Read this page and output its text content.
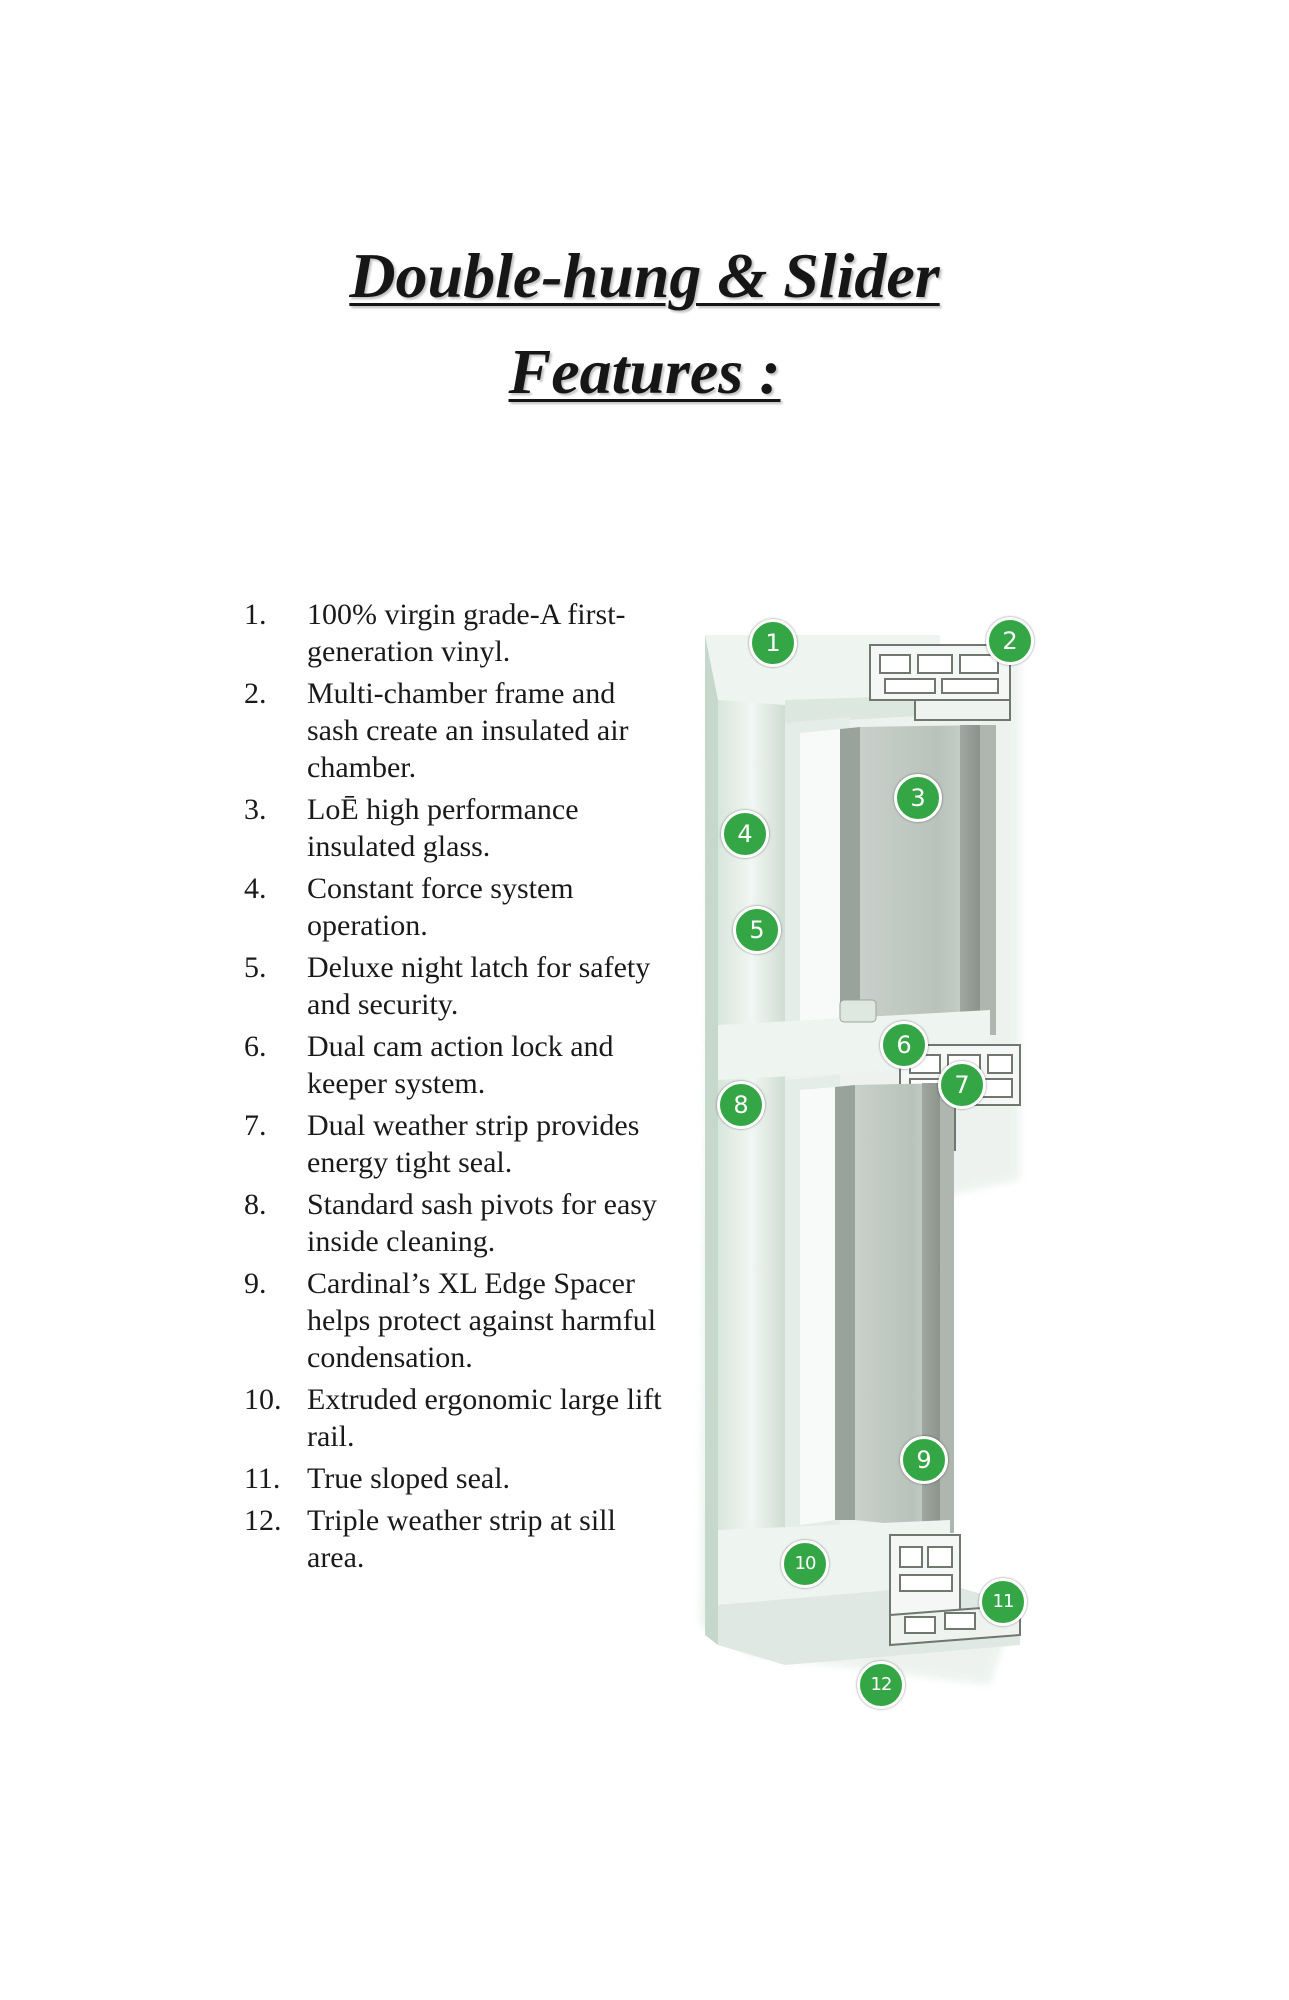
Double-hung & Slider
Features :
1. 100% virgin grade-A first-generation vinyl.
2. Multi-chamber frame and sash create an insulated air chamber.
3. LoĒ high performance insulated glass.
4. Constant force system operation.
5. Deluxe night latch for safety and security.
6. Dual cam action lock and keeper system.
7. Dual weather strip provides energy tight seal.
8. Standard sash pivots for easy inside cleaning.
9. Cardinal’s XL Edge Spacer helps protect against harmful condensation.
10. Extruded ergonomic large lift rail.
11. True sloped seal.
12. Triple weather strip at sill area.
1	2
3
4
5
6
7
8
9
10
11
12
